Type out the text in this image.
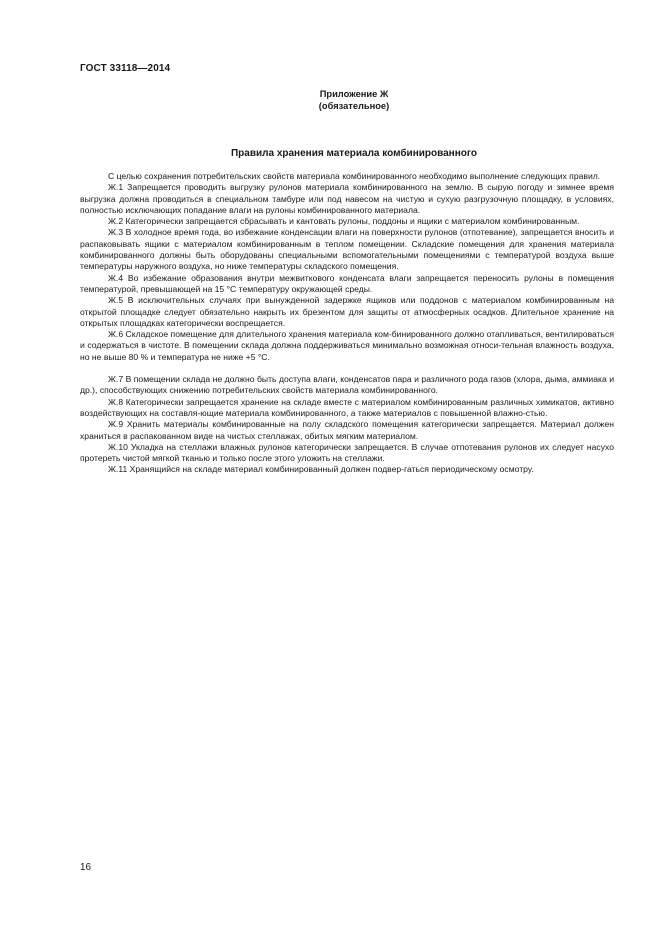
ГОСТ 33118—2014
Приложение Ж
(обязательное)
Правила хранения материала комбинированного

С целью сохранения потребительских свойств материала комбинированного необходимо выполнение следующих правил.

Ж.1 Запрещается проводить выгрузку рулонов материала комбинированного на землю. В сырую погоду и зимнее время выгрузка должна проводиться в специальном тамбуре или под навесом на чистую и сухую разгрузочную площадку, в условиях, полностью исключающих попадание влаги на рулоны комбинированного материала.

Ж.2 Категорически запрещается сбрасывать и кантовать рулоны, поддоны и ящики с материалом комбинированным.

Ж.3 В холодное время года, во избежание конденсации влаги на поверхности рулонов (отпотевание), запрещается вносить и распаковывать ящики с материалом комбинированным в теплом помещении. Складские помещения для хранения материала комбинированного должны быть оборудованы специальными вспомогательными помещениями с температурой воздуха выше температуры наружного воздуха, но ниже температуры складского помещения.

Ж.4 Во избежание образования внутри межвиткового конденсата влаги запрещается переносить рулоны в помещения температурой, превышающей на 15 °С температуру окружающей среды.

Ж.5 В исключительных случаях при вынужденной задержке ящиков или поддонов с материалом комбинированным на открытой площадке следует обязательно накрыть их брезентом для защиты от атмосферных осадков. Длительное хранение на открытых площадках категорически воспрещается.

Ж.6 Складское помещение для длительного хранения материала ком-бинированного должно отапливаться, вентилироваться и содержаться в чистоте. В помещении склада должна поддерживаться минимально возможная относи-тельная влажность воздуха, но не выше 80 % и температура не ниже +5 °С.

Ж.7 В помещении склада не должно быть доступа влаги, конденсатов пара и различного рода газов (хлора, дыма, аммиака и др.), способствующих снижению потребительских свойств материала комбинированного.

Ж.8 Категорически запрещается хранение на складе вместе с материалом комбинированным различных химикатов, активно воздействующих на составля-ющие материала комбинированного, а также материалов с повышенной влажно-стью.

Ж.9 Хранить материалы комбинированные на полу складского помещения категорически запрещается. Материал должен храниться в распакованном виде на чистых стеллажах, обитых мягким материалом.

Ж.10 Укладка на стеллажи влажных рулонов категорически запрещается. В случае отпотевания рулонов их следует насухо протереть чистой мягкой тканью и только после этого уложить на стеллажи.

Ж.11 Хранящийся на складе материал комбинированный должен подвер-гаться периодическому осмотру.

16
